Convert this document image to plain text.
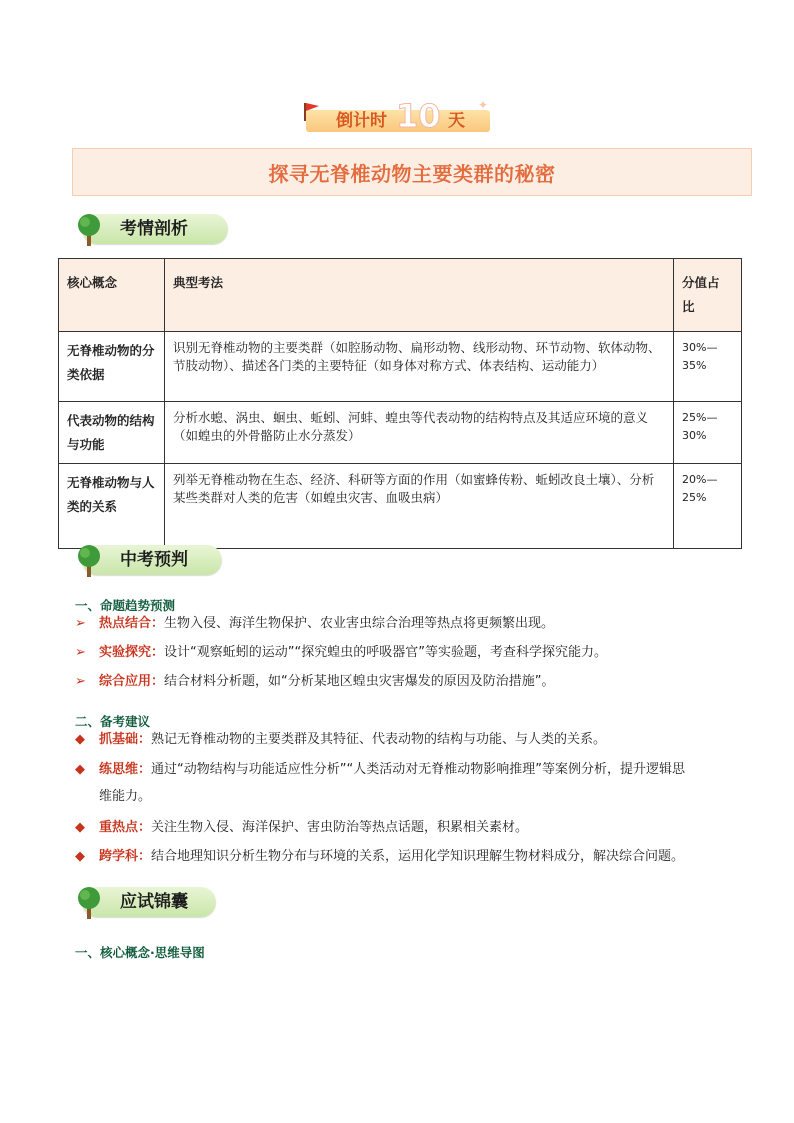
倒计时 10 天
✦
探寻无脊椎动物主要类群的秘密
考情剖析
核心概念	典型考法	分值占比
无脊椎动物的分类依据	识别无脊椎动物的主要类群（如腔肠动物、扁形动物、线形动物、环节动物、软体动物、节肢动物）、描述各门类的主要特征（如身体对称方式、体表结构、运动能力）	30%—35%
代表动物的结构与功能	分析水螅、涡虫、蛔虫、蚯蚓、河蚌、蝗虫等代表动物的结构特点及其适应环境的意义（如蝗虫的外骨骼防止水分蒸发）	25%—30%
无脊椎动物与人类的关系	列举无脊椎动物在生态、经济、科研等方面的作用（如蜜蜂传粉、蚯蚓改良土壤）、分析某些类群对人类的危害（如蝗虫灾害、血吸虫病）	20%—25%
中考预判
一、命题趋势预测
➢ 热点结合：生物入侵、海洋生物保护、农业害虫综合治理等热点将更频繁出现。
➢ 实验探究：设计“观察蚯蚓的运动”“探究蝗虫的呼吸器官”等实验题，考查科学探究能力。
➢ 综合应用：结合材料分析题，如“分析某地区蝗虫灾害爆发的原因及防治措施”。
二、备考建议
◆ 抓基础：熟记无脊椎动物的主要类群及其特征、代表动物的结构与功能、与人类的关系。
◆ 练思维：通过“动物结构与功能适应性分析”“人类活动对无脊椎动物影响推理”等案例分析，提升逻辑思
维能力。
◆ 重热点：关注生物入侵、海洋保护、害虫防治等热点话题，积累相关素材。
◆ 跨学科：结合地理知识分析生物分布与环境的关系，运用化学知识理解生物材料成分，解决综合问题。
应试锦囊
一、核心概念·思维导图
